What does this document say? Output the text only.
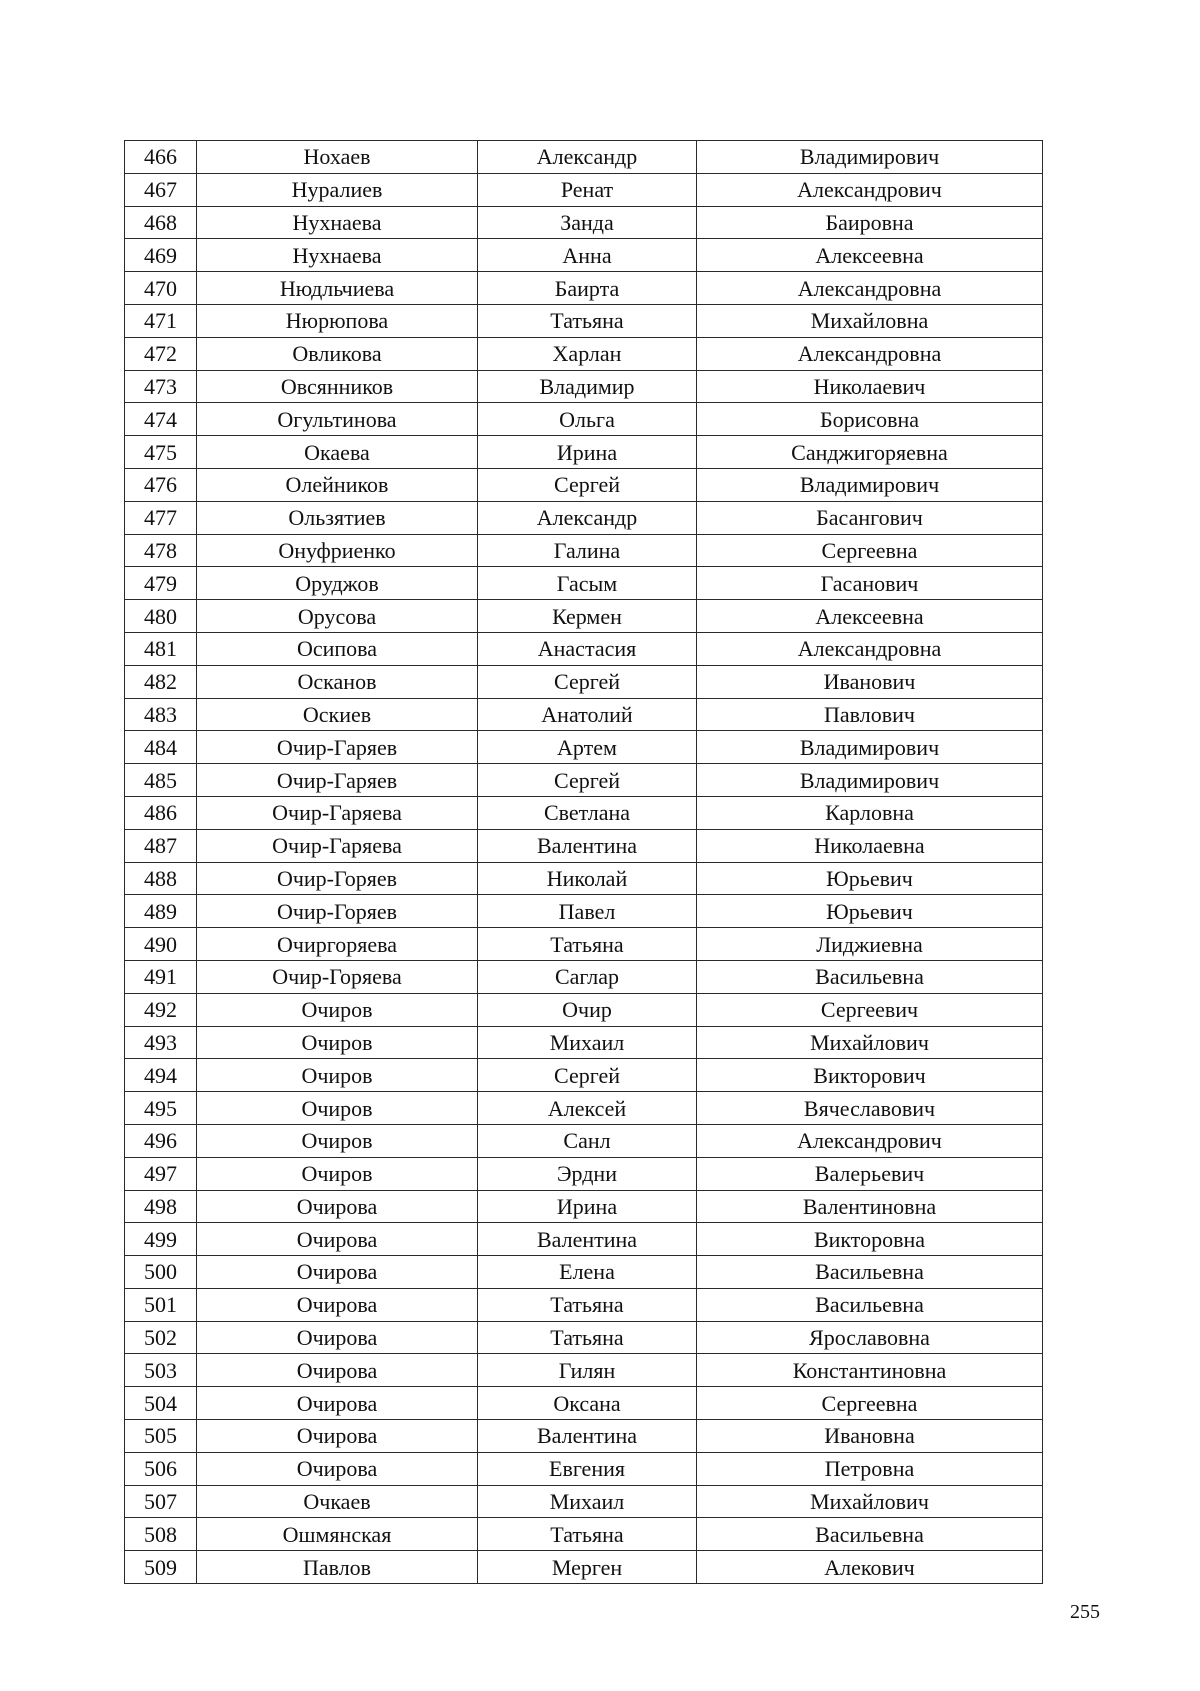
466	Нохаев	Александр	Владимирович
467	Нуралиев	Ренат	Александрович
468	Нухнаева	Занда	Баировна
469	Нухнаева	Анна	Алексеевна
470	Нюдльчиева	Баирта	Александровна
471	Нюрюпова	Татьяна	Михайловна
472	Овликова	Харлан	Александровна
473	Овсянников	Владимир	Николаевич
474	Огультинова	Ольга	Борисовна
475	Окаева	Ирина	Санджигоряевна
476	Олейников	Сергей	Владимирович
477	Ользятиев	Александр	Басангович
478	Онуфриенко	Галина	Сергеевна
479	Оруджов	Гасым	Гасанович
480	Орусова	Кермен	Алексеевна
481	Осипова	Анастасия	Александровна
482	Осканов	Сергей	Иванович
483	Оскиев	Анатолий	Павлович
484	Очир-Гаряев	Артем	Владимирович
485	Очир-Гаряев	Сергей	Владимирович
486	Очир-Гаряева	Светлана	Карловна
487	Очир-Гаряева	Валентина	Николаевна
488	Очир-Горяев	Николай	Юрьевич
489	Очир-Горяев	Павел	Юрьевич
490	Очиргоряева	Татьяна	Лиджиевна
491	Очир-Горяева	Саглар	Васильевна
492	Очиров	Очир	Сергеевич
493	Очиров	Михаил	Михайлович
494	Очиров	Сергей	Викторович
495	Очиров	Алексей	Вячеславович
496	Очиров	Санл	Александрович
497	Очиров	Эрдни	Валерьевич
498	Очирова	Ирина	Валентиновна
499	Очирова	Валентина	Викторовна
500	Очирова	Елена	Васильевна
501	Очирова	Татьяна	Васильевна
502	Очирова	Татьяна	Ярославовна
503	Очирова	Гилян	Константиновна
504	Очирова	Оксана	Сергеевна
505	Очирова	Валентина	Ивановна
506	Очирова	Евгения	Петровна
507	Очкаев	Михаил	Михайлович
508	Ошмянская	Татьяна	Васильевна
509	Павлов	Мерген	Алекович
255
